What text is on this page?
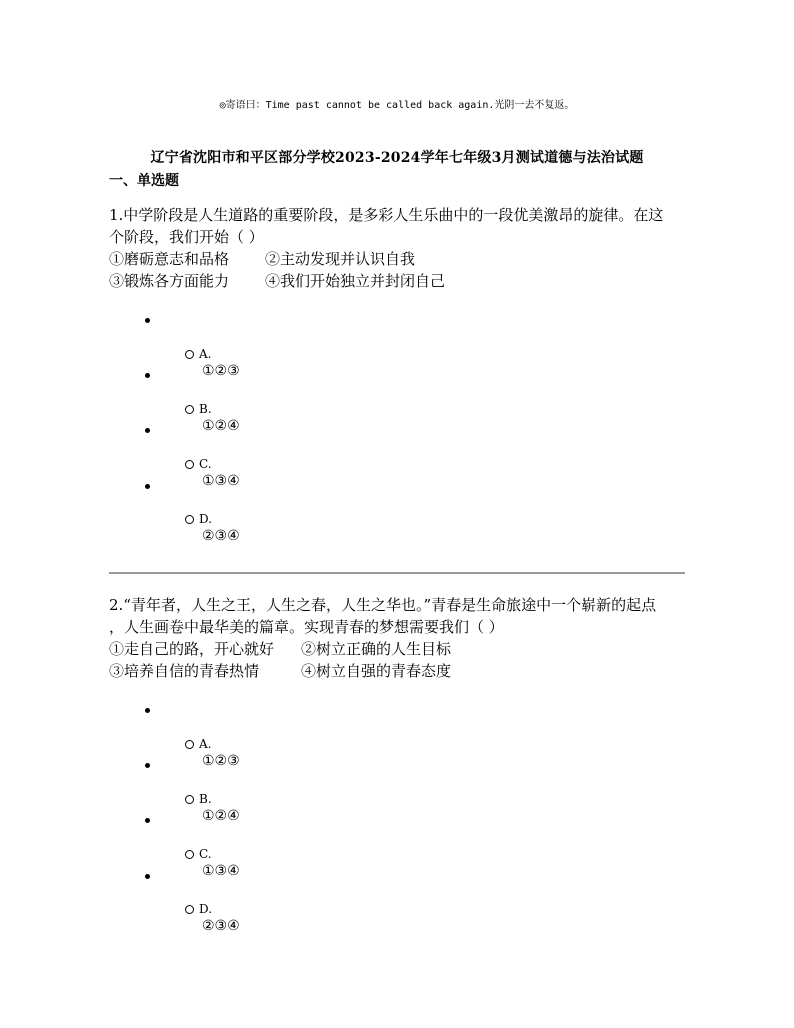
◎寄语曰：Time past cannot be called back again.光阴一去不复返。
辽宁省沈阳市和平区部分学校2023-2024学年七年级3月测试道德与法治试题
一、单选题
1.中学阶段是人生道路的重要阶段，是多彩人生乐曲中的一段优美激昂的旋律。在这
个阶段，我们开始（ ）
①磨砺意志和品格	②主动发现并认识自我
③锻炼各方面能力	④我们开始独立并封闭自己
A.
①②③
B.
①②④
C.
①③④
D.
②③④
2.“青年者，人生之王，人生之春，人生之华也。”青春是生命旅途中一个崭新的起点
，人生画卷中最华美的篇章。实现青春的梦想需要我们（ ）
①走自己的路，开心就好	②树立正确的人生目标
③培养自信的青春热情	④树立自强的青春态度
A.
①②③
B.
①②④
C.
①③④
D.
②③④
